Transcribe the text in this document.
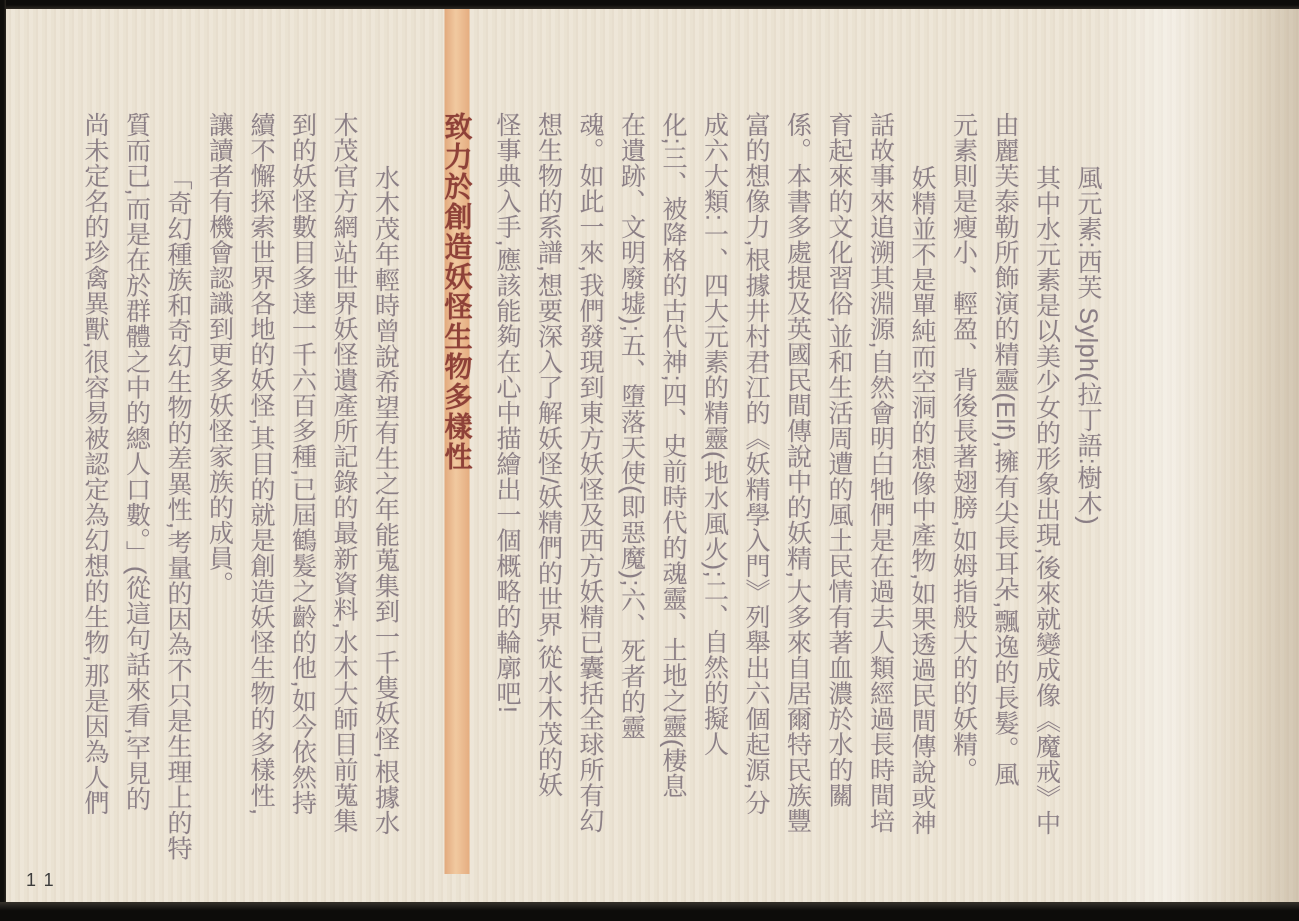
風元素:西芙 Sylph(拉丁語:樹木)
其中水元素是以美少女的形象出現,後來就變成像《魔戒》中
由麗芙泰勒所飾演的精靈(Elf),擁有尖長耳朵,飄逸的長髮。風
元素則是瘦小、輕盈、背後長著翅膀,如姆指般大的的妖精。
妖精並不是單純而空洞的想像中產物,如果透過民間傳說或神
話故事來追溯其淵源,自然會明白牠們是在過去人類經過長時間培
育起來的文化習俗,並和生活周遭的風土民情有著血濃於水的關
係。本書多處提及英國民間傳說中的妖精,大多來自居爾特民族豐
富的想像力,根據井村君江的《妖精學入門》列舉出六個起源,分
成六大類:一、四大元素的精靈(地水風火);二、自然的擬人
化;三、被降格的古代神;四、史前時代的魂靈、土地之靈(棲息
在遺跡、文明廢墟);五、墮落天使(即惡魔);六、死者的靈
魂。如此一來,我們發現到東方妖怪及西方妖精已囊括全球所有幻
想生物的系譜,想要深入了解妖怪/妖精們的世界,從水木茂的妖
怪事典入手,應該能夠在心中描繪出一個概略的輪廓吧!
致力於創造妖怪生物多樣性
水木茂年輕時曾說希望有生之年能蒐集到一千隻妖怪,根據水
木茂官方網站世界妖怪遺產所記錄的最新資料,水木大師目前蒐集
到的妖怪數目多達一千六百多種,已屆鶴髮之齡的他,如今依然持
續不懈探索世界各地的妖怪,其目的就是創造妖怪生物的多樣性,
讓讀者有機會認識到更多妖怪家族的成員。
「奇幻種族和奇幻生物的差異性,考量的因為不只是生理上的特
質而已,而是在於群體之中的總人口數。」(從這句話來看,罕見的
尚未定名的珍禽異獸,很容易被認定為幻想的生物,那是因為人們
11
